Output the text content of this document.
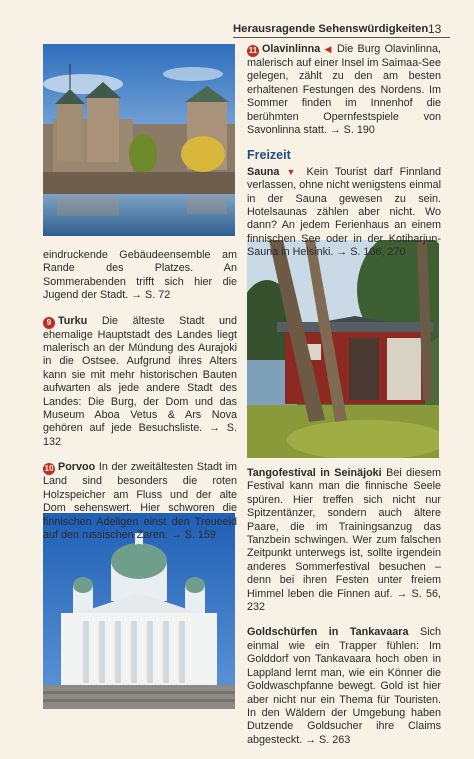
Herausragende Sehenswürdigkeiten 13

eindruckende Gebäudeensemble am Rande des Platzes. An Sommerabenden trifft sich hier die Jugend der Stadt. → S. 72

9 Turku Die älteste Stadt und ehemalige Hauptstadt des Landes liegt malerisch an der Mündung des Aurajoki in die Ostsee. Aufgrund ihres Alters kann sie mit mehr historischen Bauten aufwarten als jede andere Stadt des Landes: Die Burg, der Dom und das Museum Aboa Vetus & Ars Nova gehören auf jede Besuchsliste. → S. 132

10 Porvoo In der zweitältesten Stadt im Land sind besonders die roten Holzspeicher am Fluss und der alte Dom sehenswert. Hier schworen die finnischen Adeligen einst den Treueeid auf den russischen Zaren. → S. 159

11 Olavinlinna ◀ Die Burg Olavinlinna, malerisch auf einer Insel im Saimaa-See gelegen, zählt zu den am besten erhaltenen Festungen des Nordens. Im Sommer finden im Innenhof die berühmten Opernfestspiele von Savonlinna statt. → S. 190

Freizeit

Sauna ▼ Kein Tourist darf Finnland verlassen, ohne nicht wenigstens einmal in der Sauna gewesen zu sein. Hotelsaunas zählen aber nicht. Wo dann? An jedem Ferienhaus an einem finnischen See oder in der Kotiharjun-Sauna in Helsinki. → S. 106, 270

Tangofestival in Seinäjoki Bei diesem Festival kann man die finnische Seele spüren. Hier treffen sich nicht nur Spitzentänzer, sondern auch ältere Paare, die im Trainingsanzug das Tanzbein schwingen. Wer zum falschen Zeitpunkt unterwegs ist, sollte irgendein anderes Sommerfestival besuchen – denn bei ihren Festen unter freiem Himmel leben die Finnen auf. → S. 56, 232

Goldschürfen in Tankavaara Sich einmal wie ein Trapper fühlen: Im Golddorf von Tankavaara hoch oben in Lappland lernt man, wie ein Könner die Goldwaschpfanne bewegt. Gold ist hier aber nicht nur ein Thema für Touristen. In den Wäldern der Umgebung haben Dutzende Goldsucher ihre Claims abgesteckt. → S. 263
